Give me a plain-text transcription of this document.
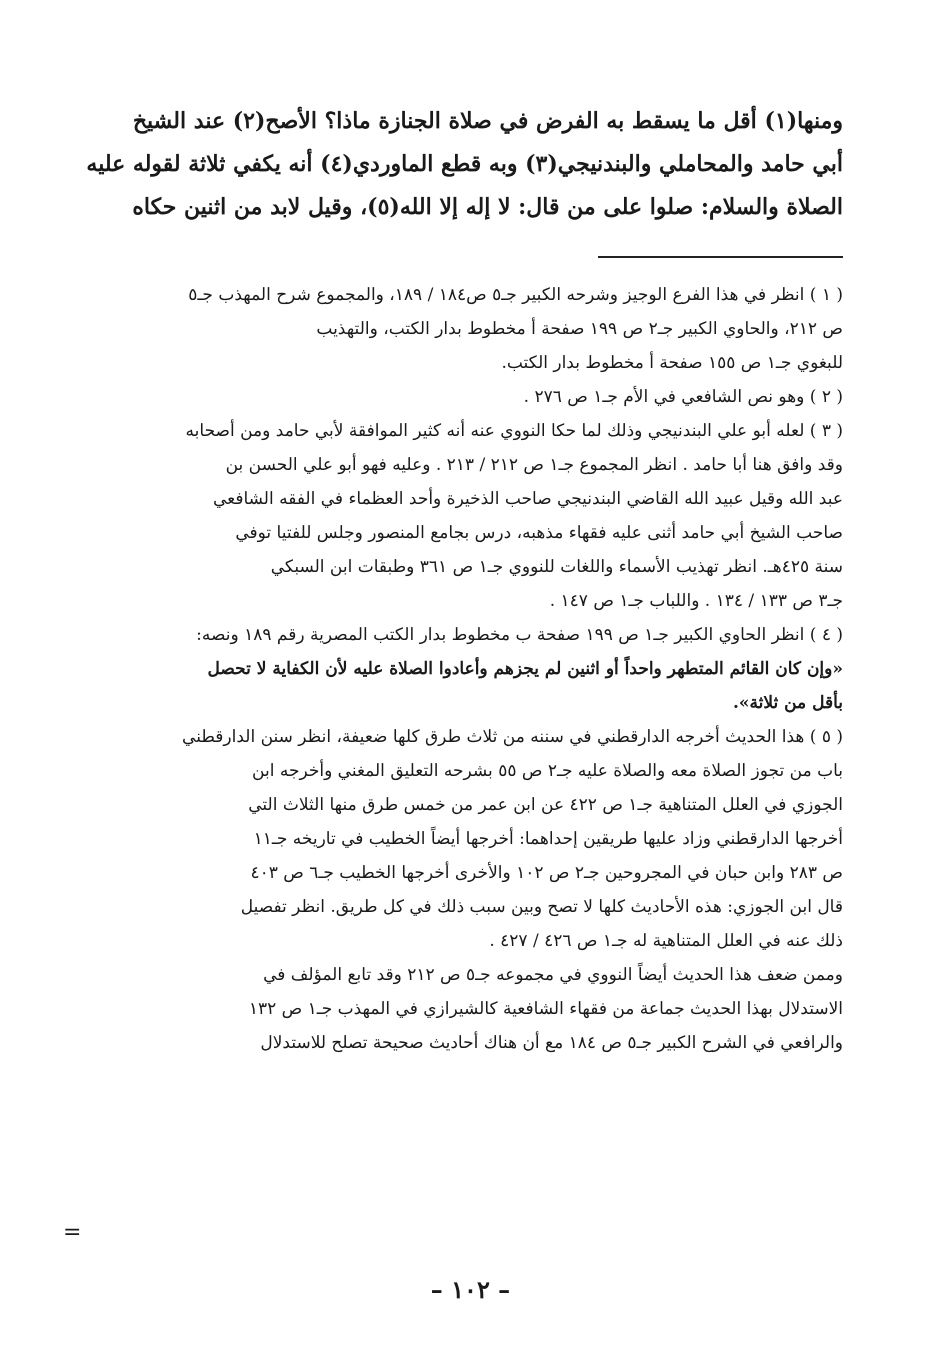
ومنها(١) أقل ما يسقط به الفرض في صلاة الجنازة ماذا؟ الأصح(٢) عند الشيخ
أبي حامد والمحاملي والبندنيجي(٣) وبه قطع الماوردي(٤) أنه يكفي ثلاثة لقوله عليه
الصلاة والسلام: صلوا على من قال: لا إله إلا الله(٥)، وقيل لابد من اثنين حكاه
( ١ ) انظر في هذا الفرع الوجيز وشرحه الكبير جـ٥ ص١٨٤ / ١٨٩، والمجموع شرح المهذب جـ٥
ص ٢١٢، والحاوي الكبير جـ٢ ص ١٩٩ صفحة أ مخطوط بدار الكتب، والتهذيب
للبغوي جـ١ ص ١٥٥ صفحة أ مخطوط بدار الكتب.
( ٢ ) وهو نص الشافعي في الأم جـ١ ص ٢٧٦ .
( ٣ ) لعله أبو علي البندنيجي وذلك لما حكا النووي عنه أنه كثير الموافقة لأبي حامد ومن أصحابه
وقد وافق هنا أبا حامد . انظر المجموع جـ١ ص ٢١٢ / ٢١٣ . وعليه فهو أبو علي الحسن بن
عبد الله وقيل عبيد الله القاضي البندنيجي صاحب الذخيرة وأحد العظماء في الفقه الشافعي
صاحب الشيخ أبي حامد أثنى عليه فقهاء مذهبه، درس بجامع المنصور وجلس للفتيا توفي
سنة ٤٢٥هـ. انظر تهذيب الأسماء واللغات للنووي جـ١ ص ٣٦١ وطبقات ابن السبكي
جـ٣ ص ١٣٣ / ١٣٤ . واللباب جـ١ ص ١٤٧ .
( ٤ ) انظر الحاوي الكبير جـ١ ص ١٩٩ صفحة ب مخطوط بدار الكتب المصرية رقم ١٨٩ ونصه:
«وإن كان القائم المتطهر واحداً أو اثنين لم يجزهم وأعادوا الصلاة عليه لأن الكفاية لا تحصل
بأقل من ثلاثة».
( ٥ ) هذا الحديث أخرجه الدارقطني في سننه من ثلاث طرق كلها ضعيفة، انظر سنن الدارقطني
باب من تجوز الصلاة معه والصلاة عليه جـ٢ ص ٥٥ بشرحه التعليق المغني وأخرجه ابن
الجوزي في العلل المتناهية جـ١ ص ٤٢٢ عن ابن عمر من خمس طرق منها الثلاث التي
أخرجها الدارقطني وزاد عليها طريقين إحداهما: أخرجها أيضاً الخطيب في تاريخه جـ١١
ص ٢٨٣ وابن حبان في المجروحين جـ٢ ص ١٠٢ والأخرى أخرجها الخطيب جـ٦ ص ٤٠٣
قال ابن الجوزي: هذه الأحاديث كلها لا تصح وبين سبب ذلك في كل طريق. انظر تفصيل
ذلك عنه في العلل المتناهية له جـ١ ص ٤٢٦ / ٤٢٧ .
وممن ضعف هذا الحديث أيضاً النووي في مجموعه جـ٥ ص ٢١٢ وقد تابع المؤلف في
الاستدلال بهذا الحديث جماعة من فقهاء الشافعية كالشيرازي في المهذب جـ١ ص ١٣٢
والرافعي في الشرح الكبير جـ٥ ص ١٨٤ مع أن هناك أحاديث صحيحة تصلح للاستدلال
=
– ١٠٢ –
